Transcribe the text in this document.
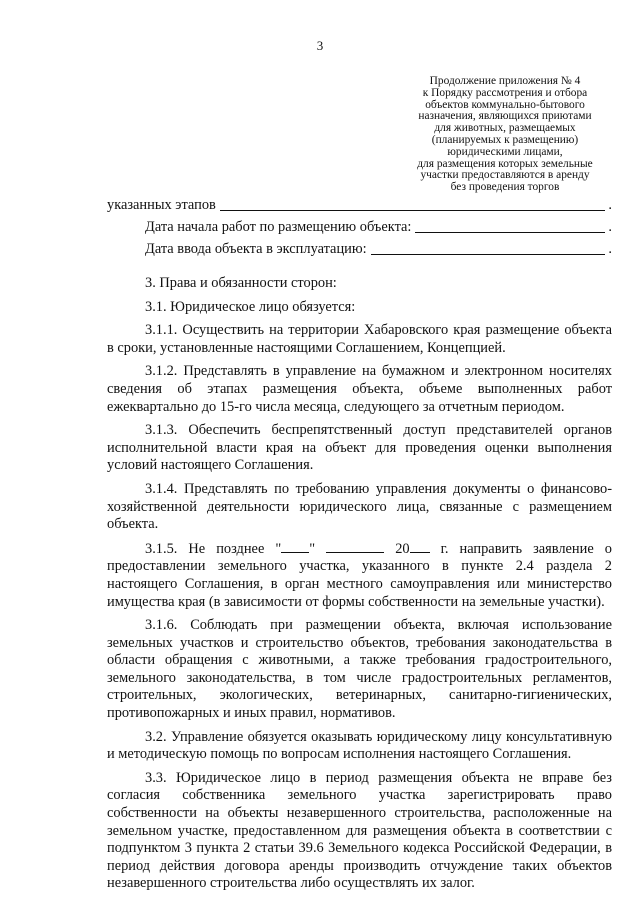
3
Продолжение приложения № 4
к Порядку рассмотрения и отбора
объектов коммунально-бытового
назначения, являющихся приютами
для животных, размещаемых
(планируемых к размещению)
юридическими лицами,
для размещения которых земельные
участки предоставляются в аренду
без проведения торгов
указанных этапов	.
Дата начала работ по размещению объекта:	.
Дата ввода объекта в эксплуатацию:	.
3. Права и обязанности сторон:

3.1. Юридическое лицо обязуется:

3.1.1. Осуществить на территории Хабаровского края размещение объекта в сроки, установленные настоящими Соглашением, Концепцией.

3.1.2. Представлять в управление на бумажном и электронном носителях сведения об этапах размещения объекта, объеме выполненных работ ежеквартально до 15-го числа месяца, следующего за отчетным периодом.

3.1.3. Обеспечить беспрепятственный доступ представителей органов исполнительной власти края на объект для проведения оценки выполнения условий настоящего Соглашения.

3.1.4. Представлять по требованию управления документы о финансово-хозяйственной деятельности юридического лица, связанные с размещением объекта.

3.1.5. Не позднее " "	20 г. направить заявление о предоставлении земельного участка, указанного в пункте 2.4 раздела 2 настоящего Соглашения, в орган местного самоуправления или министерство имущества края (в зависимости от формы собственности на земельные участки).

3.1.6. Соблюдать при размещении объекта, включая использование земельных участков и строительство объектов, требования законодательства в области обращения с животными, а также требования градостроительного, земельного законодательства, в том числе градостроительных регламентов, строительных, экологических, ветеринарных, санитарно-гигиенических, противопожарных и иных правил, нормативов.

3.2. Управление обязуется оказывать юридическому лицу консультативную и методическую помощь по вопросам исполнения настоящего Соглашения.

3.3. Юридическое лицо в период размещения объекта не вправе без согласия собственника земельного участка зарегистрировать право собственности на объекты незавершенного строительства, расположенные на земельном участке, предоставленном для размещения объекта в соответствии с подпунктом 3 пункта 2 статьи 39.6 Земельного кодекса Российской Федерации, в период действия договора аренды производить отчуждение таких объектов незавершенного строительства либо осуществлять их залог.
